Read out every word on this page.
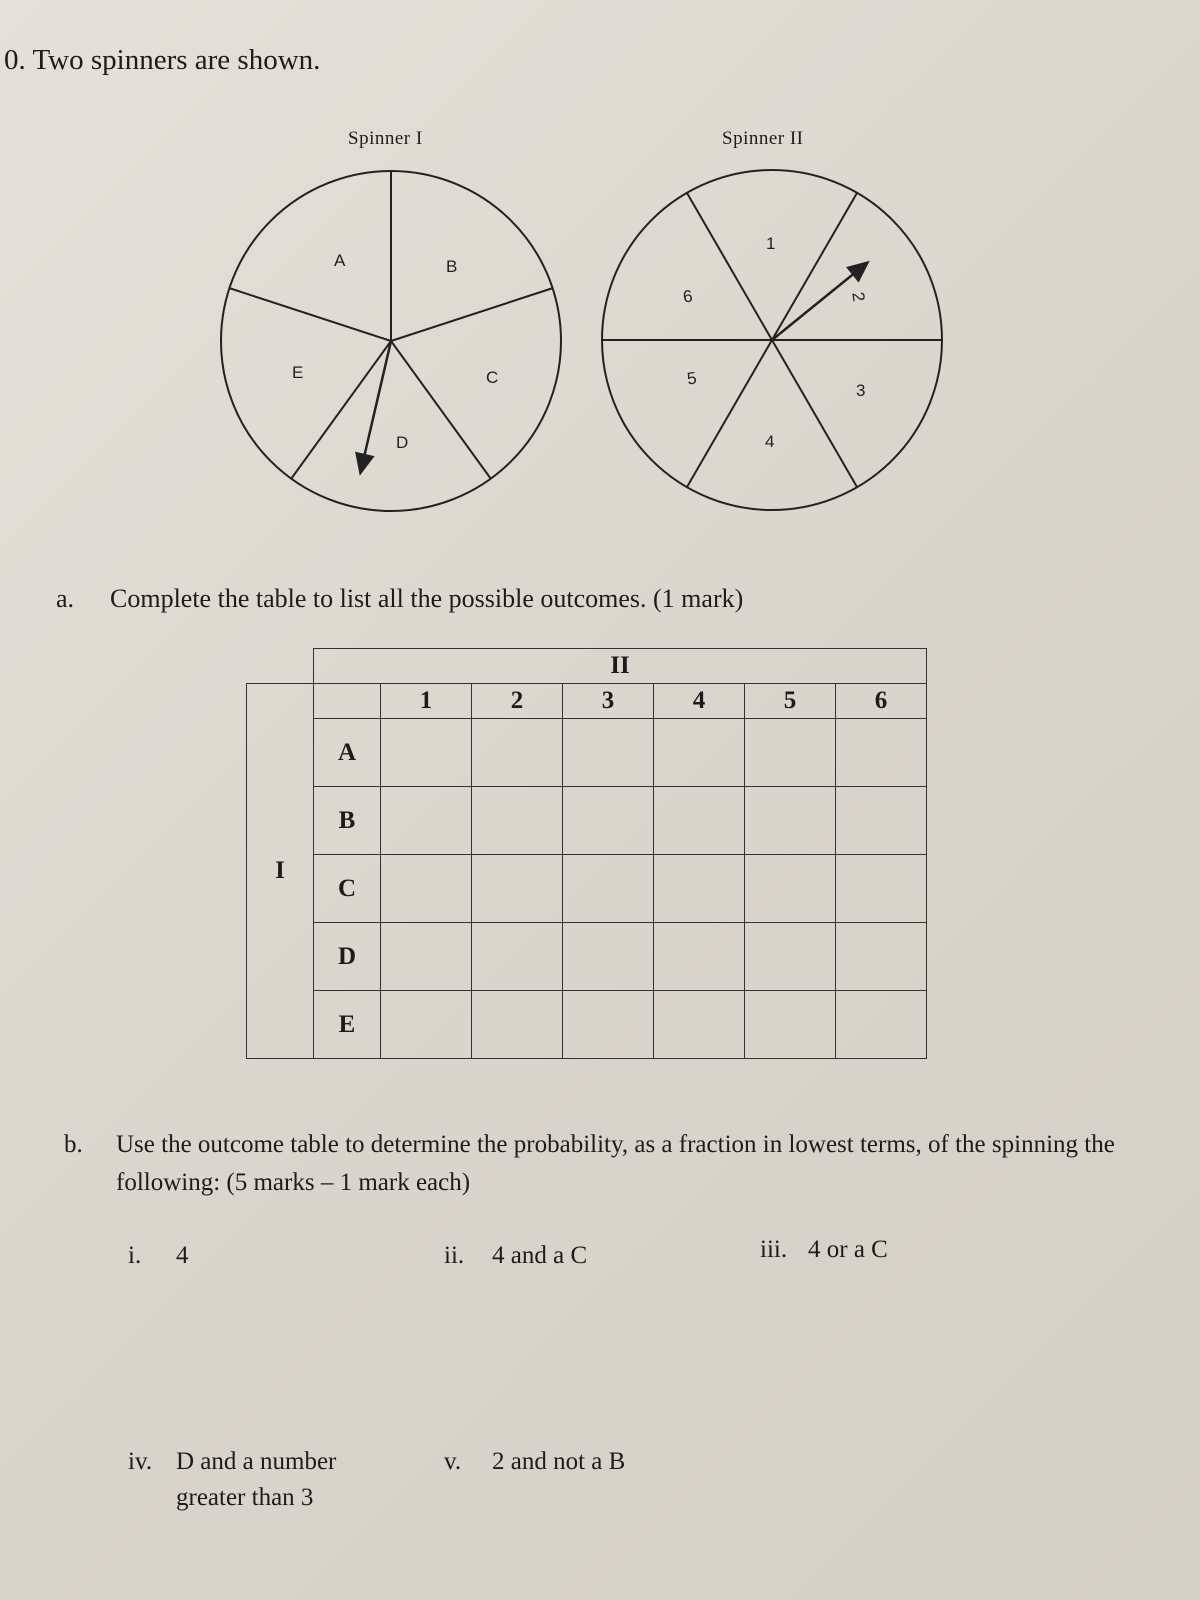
0. Two spinners are shown.
Spinner I	Spinner II
A	B
C
D
E
1
2
3
4
5
6
a. Complete the table to list all the possible outcomes. (1 mark)
	II						
I		1	2	3	4	5	6
	A						
	B						
	C						
	D						
	E						
b. Use the outcome table to determine the probability, as a fraction in lowest terms, of the spinning the following: (5 marks – 1 mark each)
i. 4	ii. 4 and a C	iii. 4 or a C
iv. D and a number
greater than 3
v. 2 and not a B
